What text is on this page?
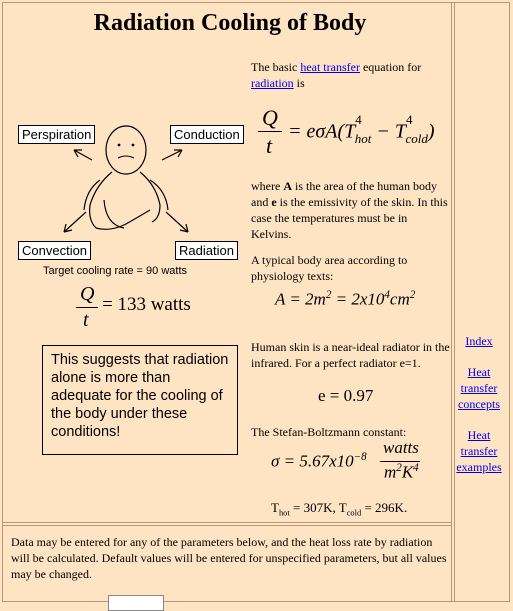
Radiation Cooling of Body
The basic heat transfer equation for
radiation is
Q
t
= $e\sigma A(T^4_{hot} - T^4_{cold})$
where A is the area of the human body and e is the emissivity of the skin. In this case the temperatures must be in Kelvins.
A typical body area according to physiology texts:
$A = 2m^2 = 2x10^4cm^2$
Human skin is a near-ideal radiator in the infrared. For a perfect radiator e=1.
e = 0.97
The Stefan-Boltzmann constant:
$\sigma = 5.67x10^{-8}$ watts
$m^2K^4$
$T_{hot} = 307K$, $T_{cold} = 296K$.
Perspiration	Conduction
Convection	Radiation
Target cooling rate = 90 watts
Q
t
= 133 watts
This suggests that radiation alone is more than adequate for the cooling of the body under these conditions!
Index
Heat transfer concepts
Heat transfer examples
Data may be entered for any of the parameters below, and the heat loss rate by radiation will be calculated. Default values will be entered for unspecified parameters, but all values may be changed.
